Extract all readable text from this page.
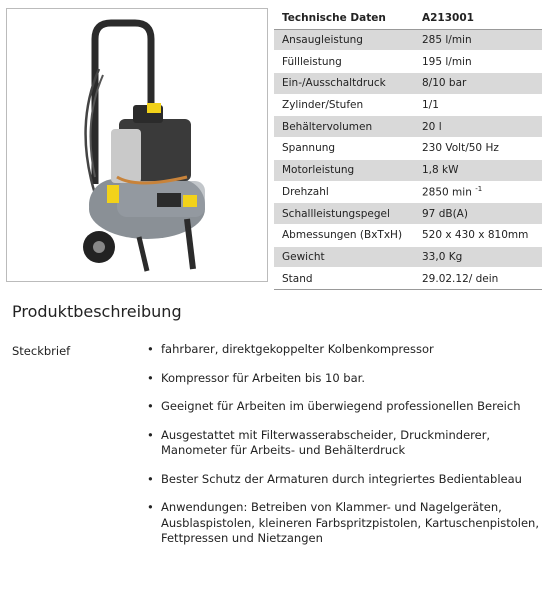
Technische Daten	A213001
Ansaugleistung	285 l/min
Füllleistung	195 l/min
Ein-/Ausschaltdruck	8/10 bar
Zylinder/Stufen	1/1
Behältervolumen	20 l
Spannung	230 Volt/50 Hz
Motorleistung	1,8 kW
Drehzahl	2850 min $^{-1}$
Schallleistungspegel	97 dB(A)
Abmessungen (BxTxH)	520 x 430 x 810mm
Gewicht	33,0 Kg
Stand	29.02.12/ dein
Produktbeschreibung
Steckbrief	• fahrbarer, direktgekoppelter Kolbenkompressor
• Kompressor für Arbeiten bis 10 bar.
• Geeignet für Arbeiten im überwiegend professionellen Bereich
• Ausgestattet mit Filterwasserabscheider, Druckminderer, Manometer für Arbeits- und Behälterdruck
• Bester Schutz der Armaturen durch integriertes Bedientableau
• Anwendungen: Betreiben von Klammer- und Nagelgeräten, Ausblaspistolen, kleineren Farbspritzpistolen, Kartuschenpistolen, Fettpressen und Nietzangen
